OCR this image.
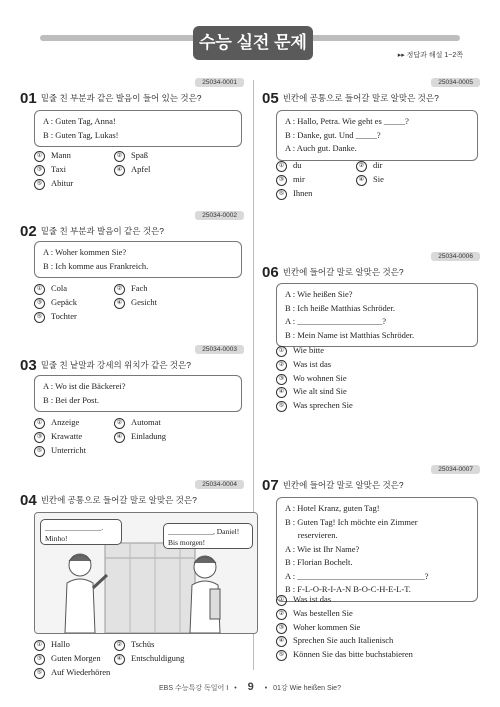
수능 실전 문제
▸▸ 정답과 해설 1~2쪽
25034-0001
01 밑줄 친 부분과 같은 발음이 들어 있는 것은?
A : Guten Tag, Anna!
B : Guten Tag, Lukas!
① Mann	② Spaß
③ Taxi	④ Apfel
⑤ Abitur
25034-0002
02 밑줄 친 부분과 발음이 같은 것은?
A : Woher kommen Sie?
B : Ich komme aus Frankreich.
① Cola	② Fach
③ Gepäck	④ Gesicht
⑤ Tochter
25034-0003
03 밑줄 친 낱말과 강세의 위치가 같은 것은?
A : Wo ist die Bäckerei?
B : Bei der Post.
① Anzeige	② Automat
③ Krawatte	④ Einladung
⑤ Unterricht
25034-0004
04 빈칸에 공통으로 들어갈 말로 알맞은 것은?
_______________.
Minho!
____________, Daniel!
Bis morgen!
① Hallo	② Tschüs
③ Guten Morgen	④ Entschuldigung
⑤ Auf Wiederhören
25034-0005
05 빈칸에 공통으로 들어갈 말로 알맞은 것은?
A : Hallo, Petra. Wie geht es _____?
B : Danke, gut. Und _____?
A : Auch gut. Danke.
① du	② dir
③ mir	④ Sie
⑤ Ihnen
25034-0006
06 빈칸에 들어갈 말로 알맞은 것은?
A : Wie heißen Sie?
B : Ich heiße Matthias Schröder.
A : ____________________?
B : Mein Name ist Matthias Schröder.
① Wie bitte
② Was ist das
③ Wo wohnen Sie
④ Wie alt sind Sie
⑤ Was sprechen Sie
25034-0007
07 빈칸에 들어갈 말로 알맞은 것은?
A : Hotel Kranz, guten Tag!
B : Guten Tag! Ich möchte ein Zimmer
reservieren.
A : Wie ist Ihr Name?
B : Florian Bochelt.
A : ______________________________?
B : F-L-O-R-I-A-N B-O-C-H-E-L-T.
① Was ist das
② Was bestellen Sie
③ Woher kommen Sie
④ Sprechen Sie auch Italienisch
⑤ Können Sie das bitte buchstabieren
EBS 수능특강 독일어 Ⅰ • 9 • 01강 Wie heißen Sie?
